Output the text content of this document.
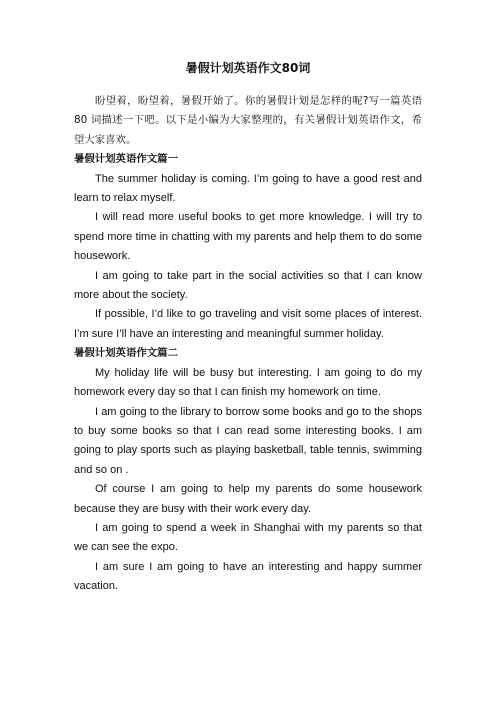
暑假计划英语作文80词

盼望着，盼望着，暑假开始了。你的暑假计划是怎样的呢?写一篇英语 80 词描述一下吧。以下是小编为大家整理的，有关暑假计划英语作文，希望大家喜欢。

暑假计划英语作文篇一

The summer holiday is coming. I’m going to have a good rest and learn to relax myself.

I will read more useful books to get more knowledge. I will try to spend more time in chatting with my parents and help them to do some housework.

I am going to take part in the social activities so that I can know more about the society.

If possible, I’d like to go traveling and visit some places of interest. I’m sure I’ll have an interesting and meaningful summer holiday.

暑假计划英语作文篇二

My holiday life will be busy but interesting. I am going to do my homework every day so that I can finish my homework on time.

I am going to the library to borrow some books and go to the shops to buy some books so that I can read some interesting books. I am going to play sports such as playing basketball, table tennis, swimming and so on .

Of course I am going to help my parents do some housework because they are busy with their work every day.

I am going to spend a week in Shanghai with my parents so that we can see the expo.

I am sure I am going to have an interesting and happy summer vacation.
